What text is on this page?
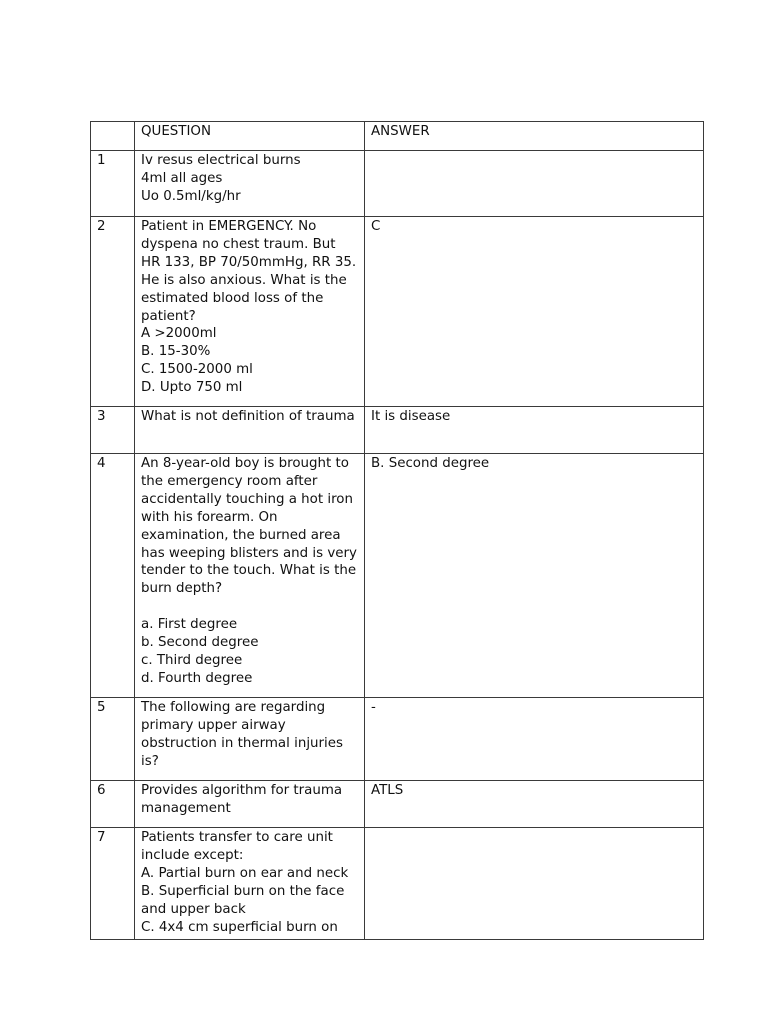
	QUESTION	ANSWER
1	Iv resus electrical burns
4ml all ages
Uo 0.5ml/kg/hr	
2	Patient in EMERGENCY. No dyspena no chest traum. But HR 133, BP 70/50mmHg, RR 35. He is also anxious. What is the estimated blood loss of the patient?
A >2000ml
B. 15-30%
C. 1500-2000 ml
D. Upto 750 ml	C
3	What is not definition of trauma	It is disease
4	An 8-year-old boy is brought to the emergency room after accidentally touching a hot iron with his forearm. On examination, the burned area has weeping blisters and is very tender to the touch. What is the burn depth?

a. First degree
b. Second degree
c. Third degree
d. Fourth degree	B. Second degree
5	The following are regarding primary upper airway obstruction in thermal injuries is?	-
6	Provides algorithm for trauma management	ATLS
7	Patients transfer to care unit include except:
A. Partial burn on ear and neck
B. Superficial burn on the face and upper back
C. 4x4 cm superficial burn on	
